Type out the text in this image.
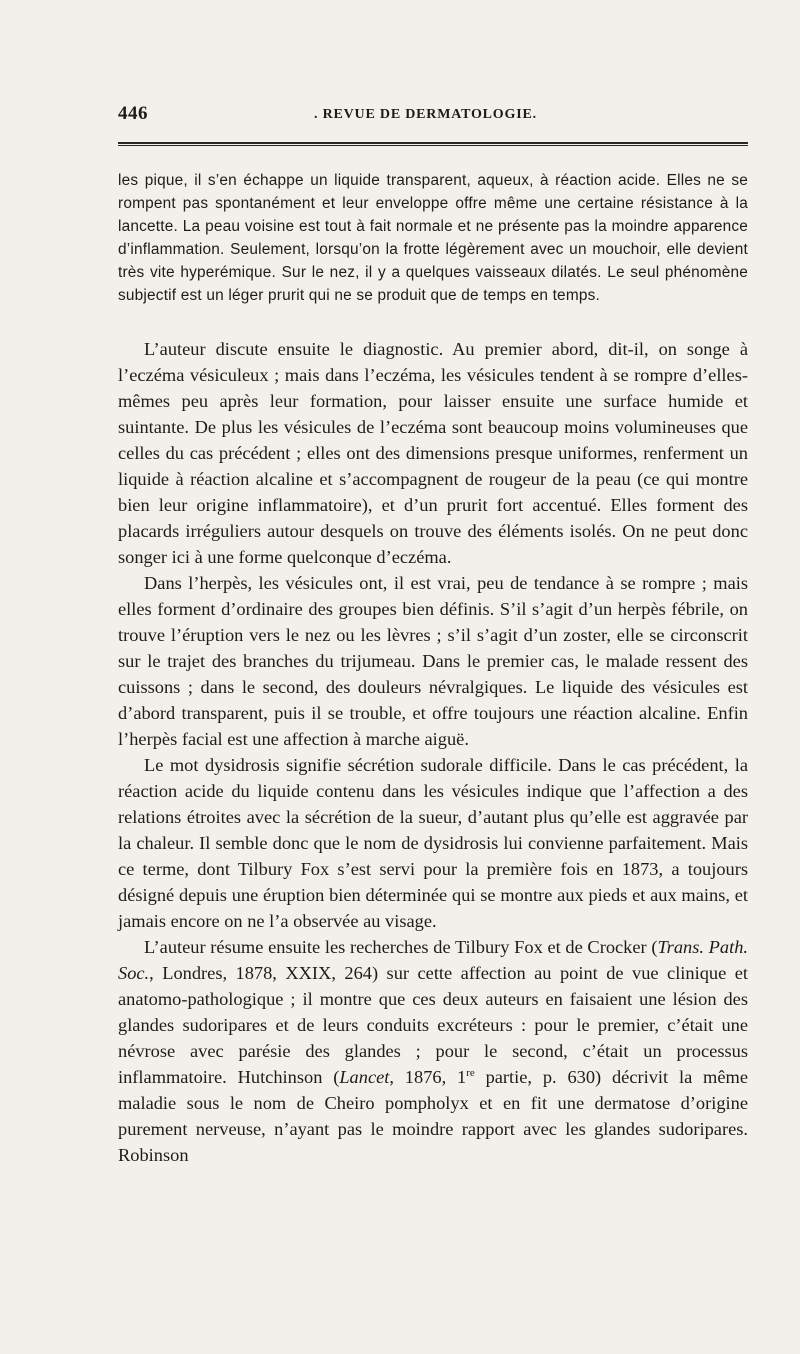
446	. REVUE DE DERMATOLOGIE.

les pique, il s’en échappe un liquide transparent, aqueux, à réaction acide. Elles ne se rompent pas spontanément et leur enveloppe offre même une certaine résistance à la lancette. La peau voisine est tout à fait normale et ne présente pas la moindre apparence d’inflammation. Seulement, lorsqu’on la frotte légèrement avec un mouchoir, elle devient très vite hyperémique. Sur le nez, il y a quelques vaisseaux dilatés. Le seul phénomène subjectif est un léger prurit qui ne se produit que de temps en temps.

L’auteur discute ensuite le diagnostic. Au premier abord, dit-il, on songe à l’eczéma vésiculeux ; mais dans l’eczéma, les vésicules tendent à se rompre d’elles-mêmes peu après leur formation, pour laisser ensuite une surface humide et suintante. De plus les vésicules de l’eczéma sont beaucoup moins volumineuses que celles du cas précédent ; elles ont des dimensions presque uniformes, renferment un liquide à réaction alcaline et s’accompagnent de rougeur de la peau (ce qui montre bien leur origine inflammatoire), et d’un prurit fort accentué. Elles forment des placards irréguliers autour desquels on trouve des éléments isolés. On ne peut donc songer ici à une forme quelconque d’eczéma.

Dans l’herpès, les vésicules ont, il est vrai, peu de tendance à se rompre ; mais elles forment d’ordinaire des groupes bien définis. S’il s’agit d’un herpès fébrile, on trouve l’éruption vers le nez ou les lèvres ; s’il s’agit d’un zoster, elle se circonscrit sur le trajet des branches du trijumeau. Dans le premier cas, le malade ressent des cuissons ; dans le second, des douleurs névralgiques. Le liquide des vésicules est d’abord transparent, puis il se trouble, et offre toujours une réaction alcaline. Enfin l’herpès facial est une affection à marche aiguë.

Le mot dysidrosis signifie sécrétion sudorale difficile. Dans le cas précédent, la réaction acide du liquide contenu dans les vésicules indique que l’affection a des relations étroites avec la sécrétion de la sueur, d’autant plus qu’elle est aggravée par la chaleur. Il semble donc que le nom de dysidrosis lui convienne parfaitement. Mais ce terme, dont Tilbury Fox s’est servi pour la première fois en 1873, a toujours désigné depuis une éruption bien déterminée qui se montre aux pieds et aux mains, et jamais encore on ne l’a observée au visage.

L’auteur résume ensuite les recherches de Tilbury Fox et de Crocker (Trans. Path. Soc., Londres, 1878, XXIX, 264) sur cette affection au point de vue clinique et anatomo-pathologique ; il montre que ces deux auteurs en faisaient une lésion des glandes sudoripares et de leurs conduits excréteurs : pour le premier, c’était une névrose avec parésie des glandes ; pour le second, c’était un processus inflammatoire. Hutchinson (Lancet, 1876, 1re partie, p. 630) décrivit la même maladie sous le nom de Cheiro pompholyx et en fit une dermatose d’origine purement nerveuse, n’ayant pas le moindre rapport avec les glandes sudoripares. Robinson
